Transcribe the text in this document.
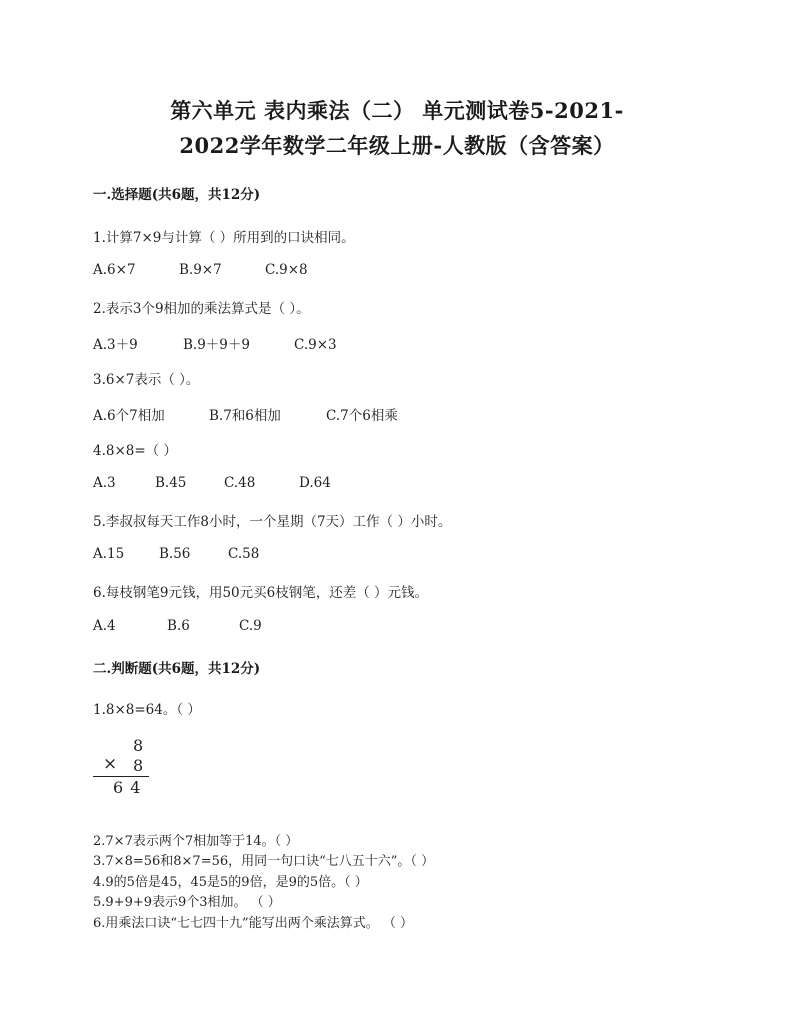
第六单元 表内乘法（二） 单元测试卷5-2021-
2022学年数学二年级上册-人教版（含答案）
一.选择题(共6题，共12分)
1.计算7×9与计算（ ）所用到的口诀相同。
A.6×7	B.9×7	C.9×8
2.表示3个9相加的乘法算式是（ ）。
A.3＋9	B.9＋9＋9	C.9×3
3.6×7表示（ ）。
A.6个7相加	B.7和6相加	C.7个6相乘
4.8×8=（ ）
A.3	B.45	C.48	D.64
5.李叔叔每天工作8小时，一个星期（7天）工作（ ）小时。
A.15	B.56	C.58
6.每枝钢笔9元钱，用50元买6枝钢笔，还差（ ）元钱。
A.4	B.6	C.9
二.判断题(共6题，共12分)
1.8×8=64。（ ）
8
× 8
6 4
2.7×7表示两个7相加等于14。（ ）
3.7×8=56和8×7=56，用同一句口诀“七八五十六”。（ ）
4.9的5倍是45，45是5的9倍，是9的5倍。（ ）
5.9+9+9表示9个3相加。 （ ）
6.用乘法口诀“七七四十九”能写出两个乘法算式。 （ ）
